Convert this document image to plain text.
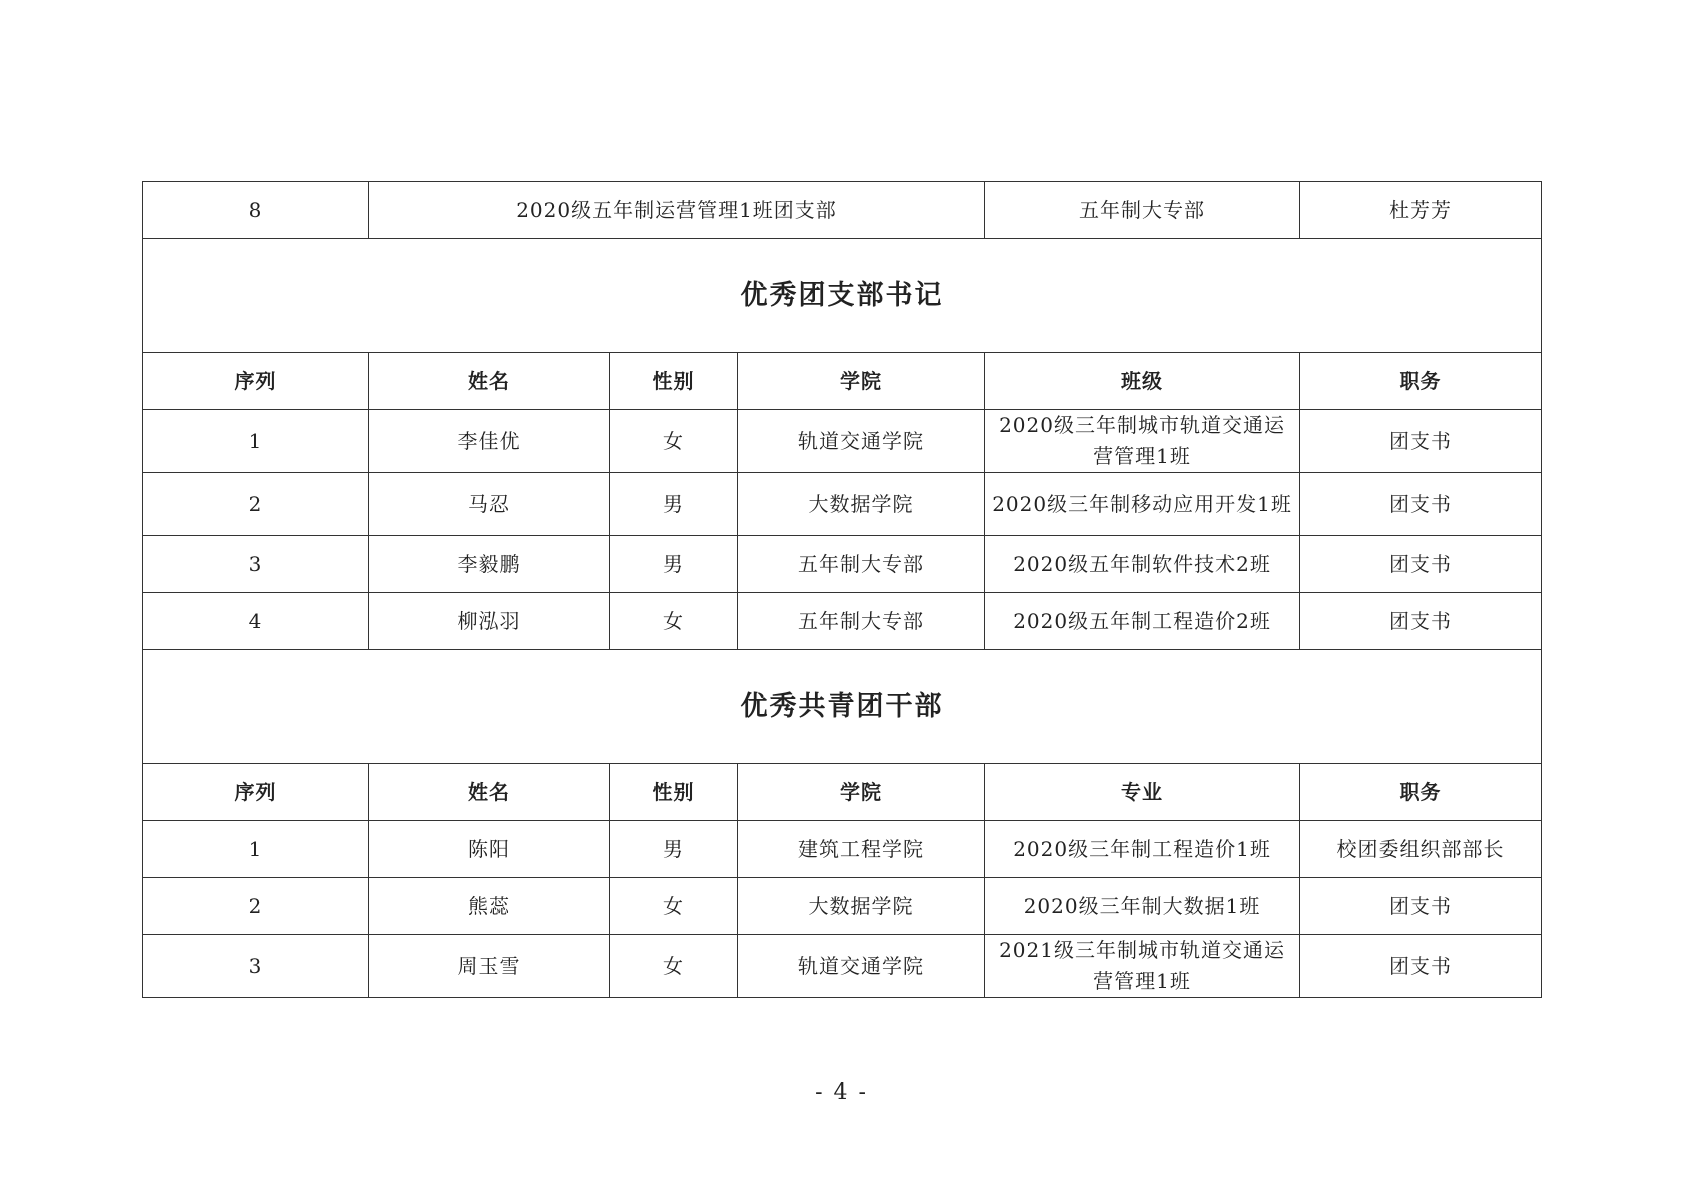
8	2020级五年制运营管理1班团支部			五年制大专部	杜芳芳
优秀团支部书记					
序列	姓名	性别	学院	班级	职务
1	李佳优	女	轨道交通学院	2020级三年制城市轨道交通运营管理1班	团支书
2	马忍	男	大数据学院	2020级三年制移动应用开发1班	团支书
3	李毅鹏	男	五年制大专部	2020级五年制软件技术2班	团支书
4	柳泓羽	女	五年制大专部	2020级五年制工程造价2班	团支书
优秀共青团干部					
序列	姓名	性别	学院	专业	职务
1	陈阳	男	建筑工程学院	2020级三年制工程造价1班	校团委组织部部长
2	熊蕊	女	大数据学院	2020级三年制大数据1班	团支书
3	周玉雪	女	轨道交通学院	2021级三年制城市轨道交通运营管理1班	团支书
- 4 -
